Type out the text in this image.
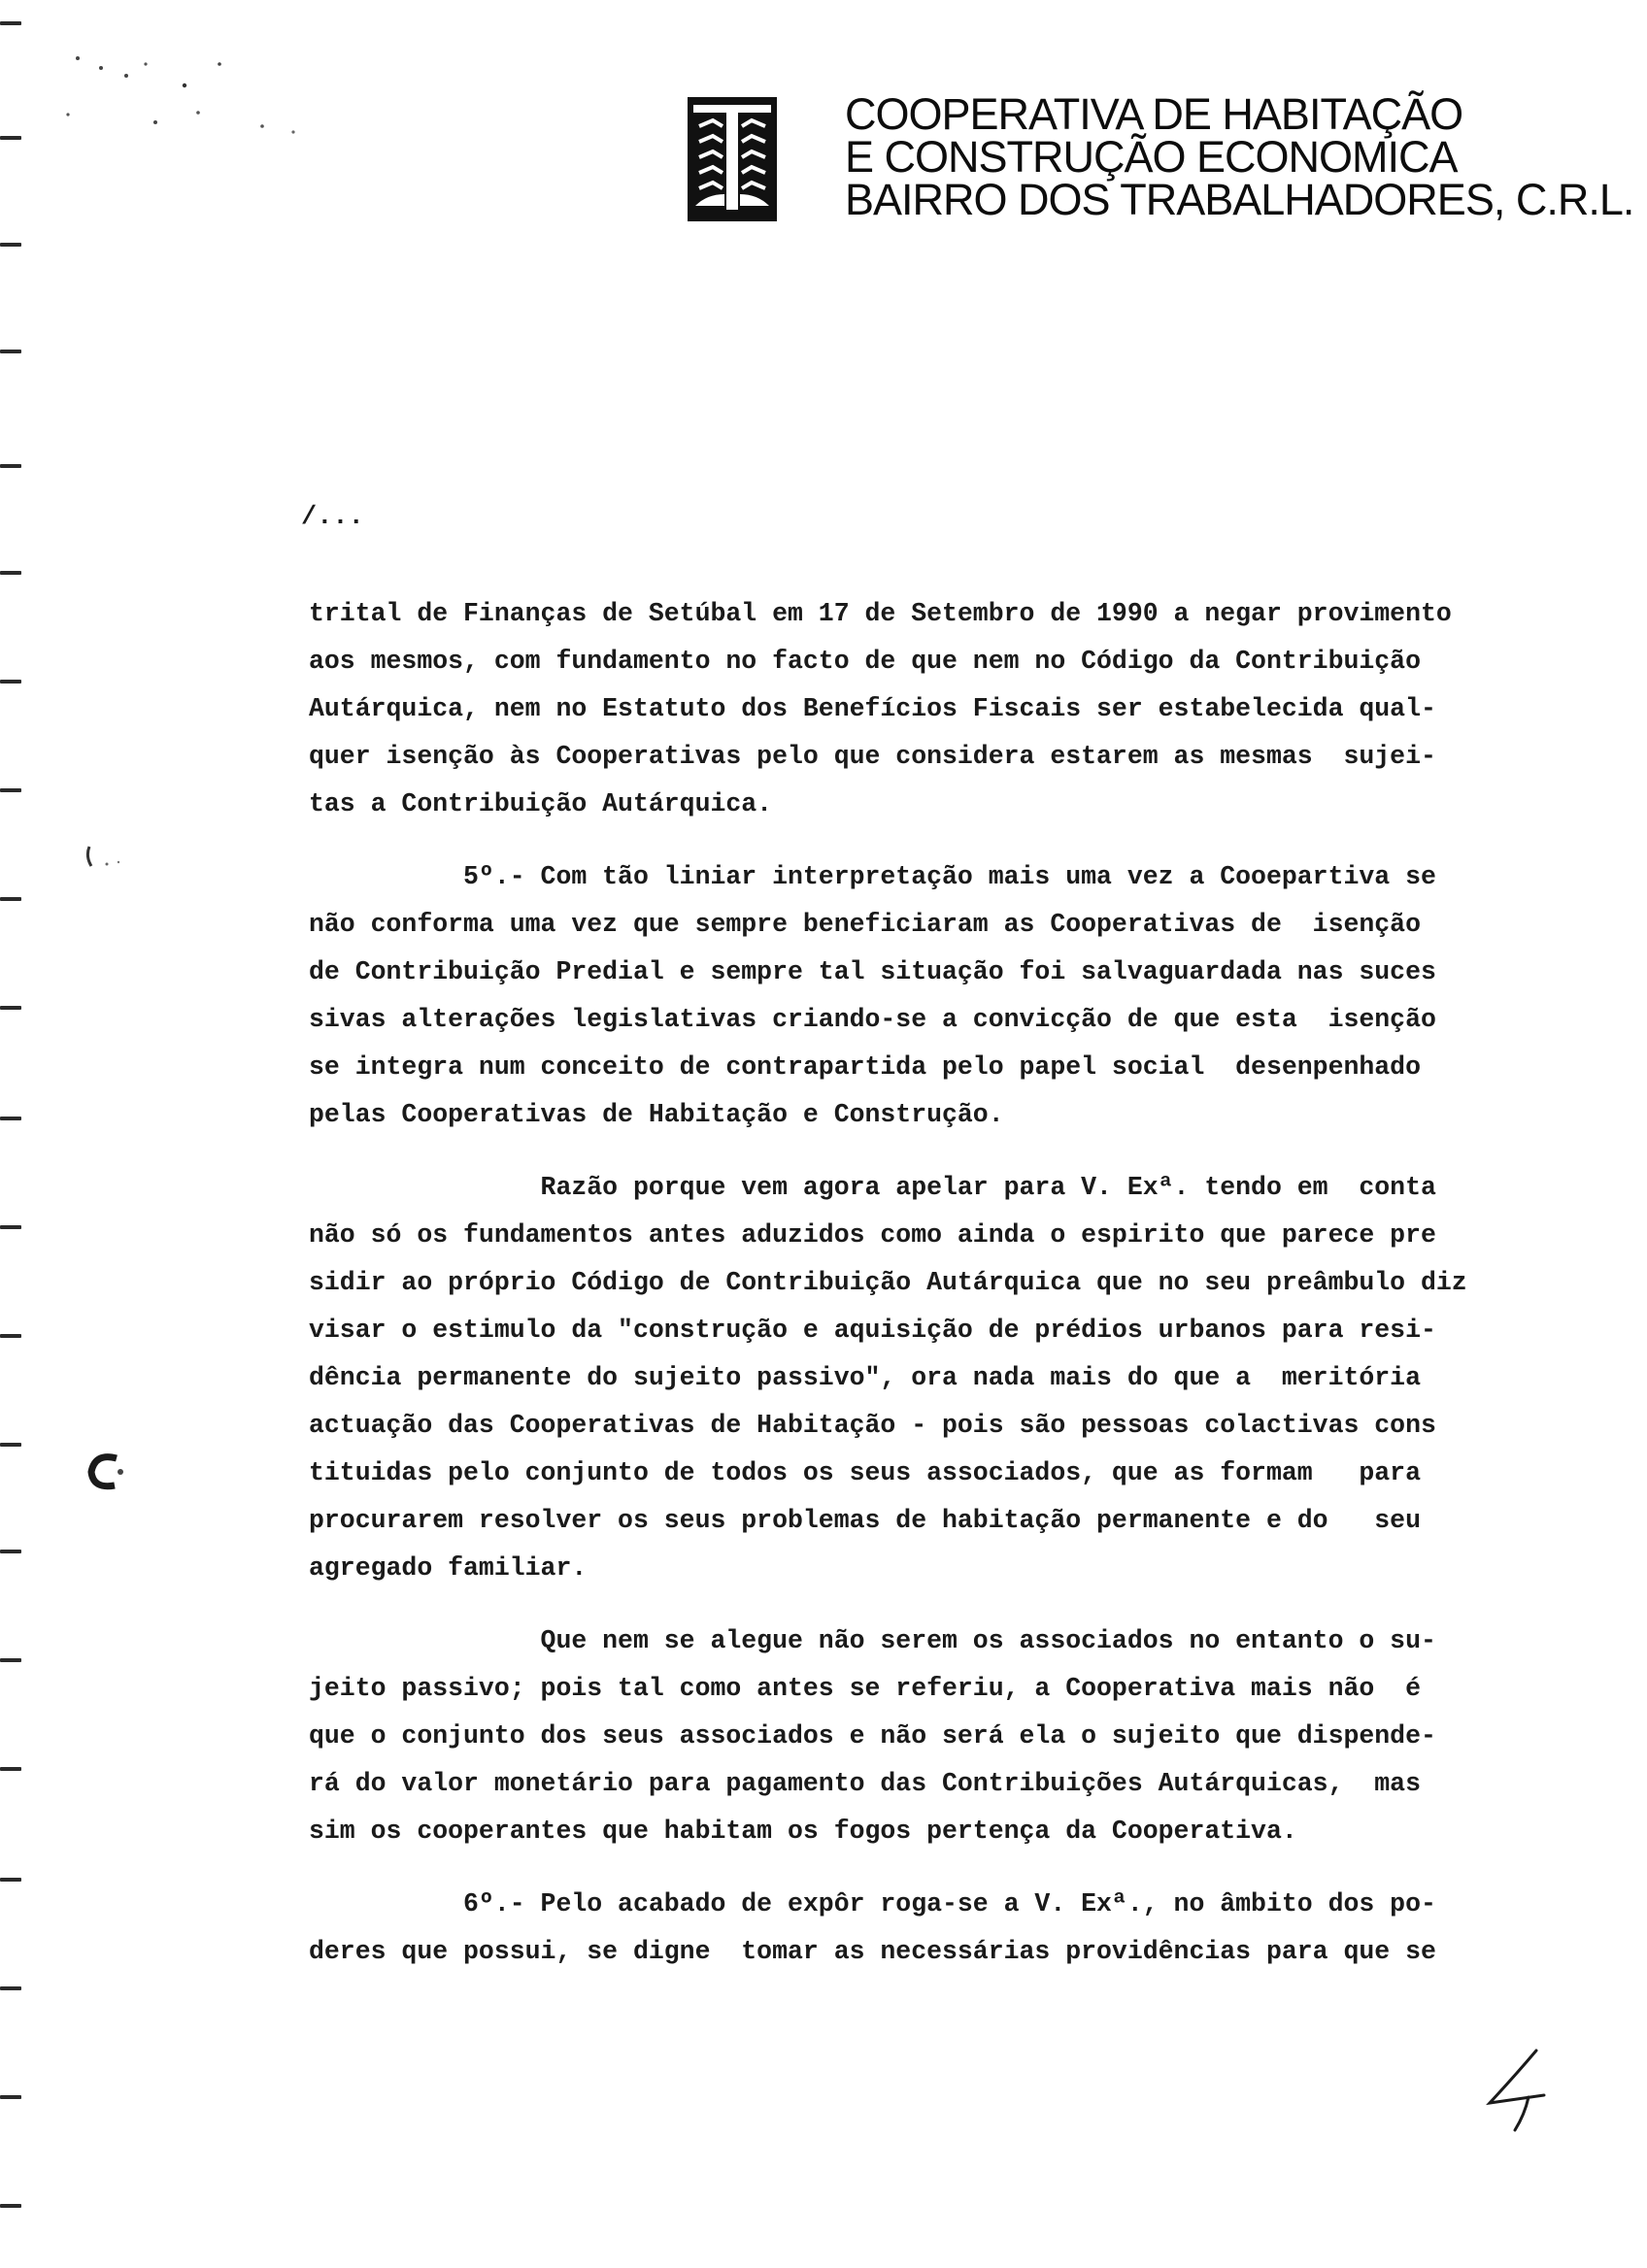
COOPERATIVA DE HABITAÇÃO
E CONSTRUÇÃO ECONOMICA
BAIRRO DOS TRABALHADORES, C.R.L.
/...
trital de Finanças de Setúbal em 17 de Setembro de 1990 a negar provimento
aos mesmos, com fundamento no facto de que nem no Código da Contribuição
Autárquica, nem no Estatuto dos Benefícios Fiscais ser estabelecida qual-
quer isenção às Cooperativas pelo que considera estarem as mesmas  sujei-
tas a Contribuição Autárquica.
5º.- Com tão liniar interpretação mais uma vez a Cooepartiva se
não conforma uma vez que sempre beneficiaram as Cooperativas de  isenção
de Contribuição Predial e sempre tal situação foi salvaguardada nas suces
sivas alterações legislativas criando-se a convicção de que esta  isenção
se integra num conceito de contrapartida pelo papel social  desenpenhado
pelas Cooperativas de Habitação e Construção.
Razão porque vem agora apelar para V. Exª. tendo em  conta
não só os fundamentos antes aduzidos como ainda o espirito que parece pre
sidir ao próprio Código de Contribuição Autárquica que no seu preâmbulo diz
visar o estimulo da "construção e aquisição de prédios urbanos para resi-
dência permanente do sujeito passivo", ora nada mais do que a  meritória
actuação das Cooperativas de Habitação - pois são pessoas colactivas cons
tituidas pelo conjunto de todos os seus associados, que as formam   para
procurarem resolver os seus problemas de habitação permanente e do   seu
agregado familiar.
Que nem se alegue não serem os associados no entanto o su-
jeito passivo; pois tal como antes se referiu, a Cooperativa mais não  é
que o conjunto dos seus associados e não será ela o sujeito que dispende-
rá do valor monetário para pagamento das Contribuições Autárquicas,  mas
sim os cooperantes que habitam os fogos pertença da Cooperativa.
6º.- Pelo acabado de expôr roga-se a V. Exª., no âmbito dos po-
deres que possui, se digne  tomar as necessárias providências para que se
